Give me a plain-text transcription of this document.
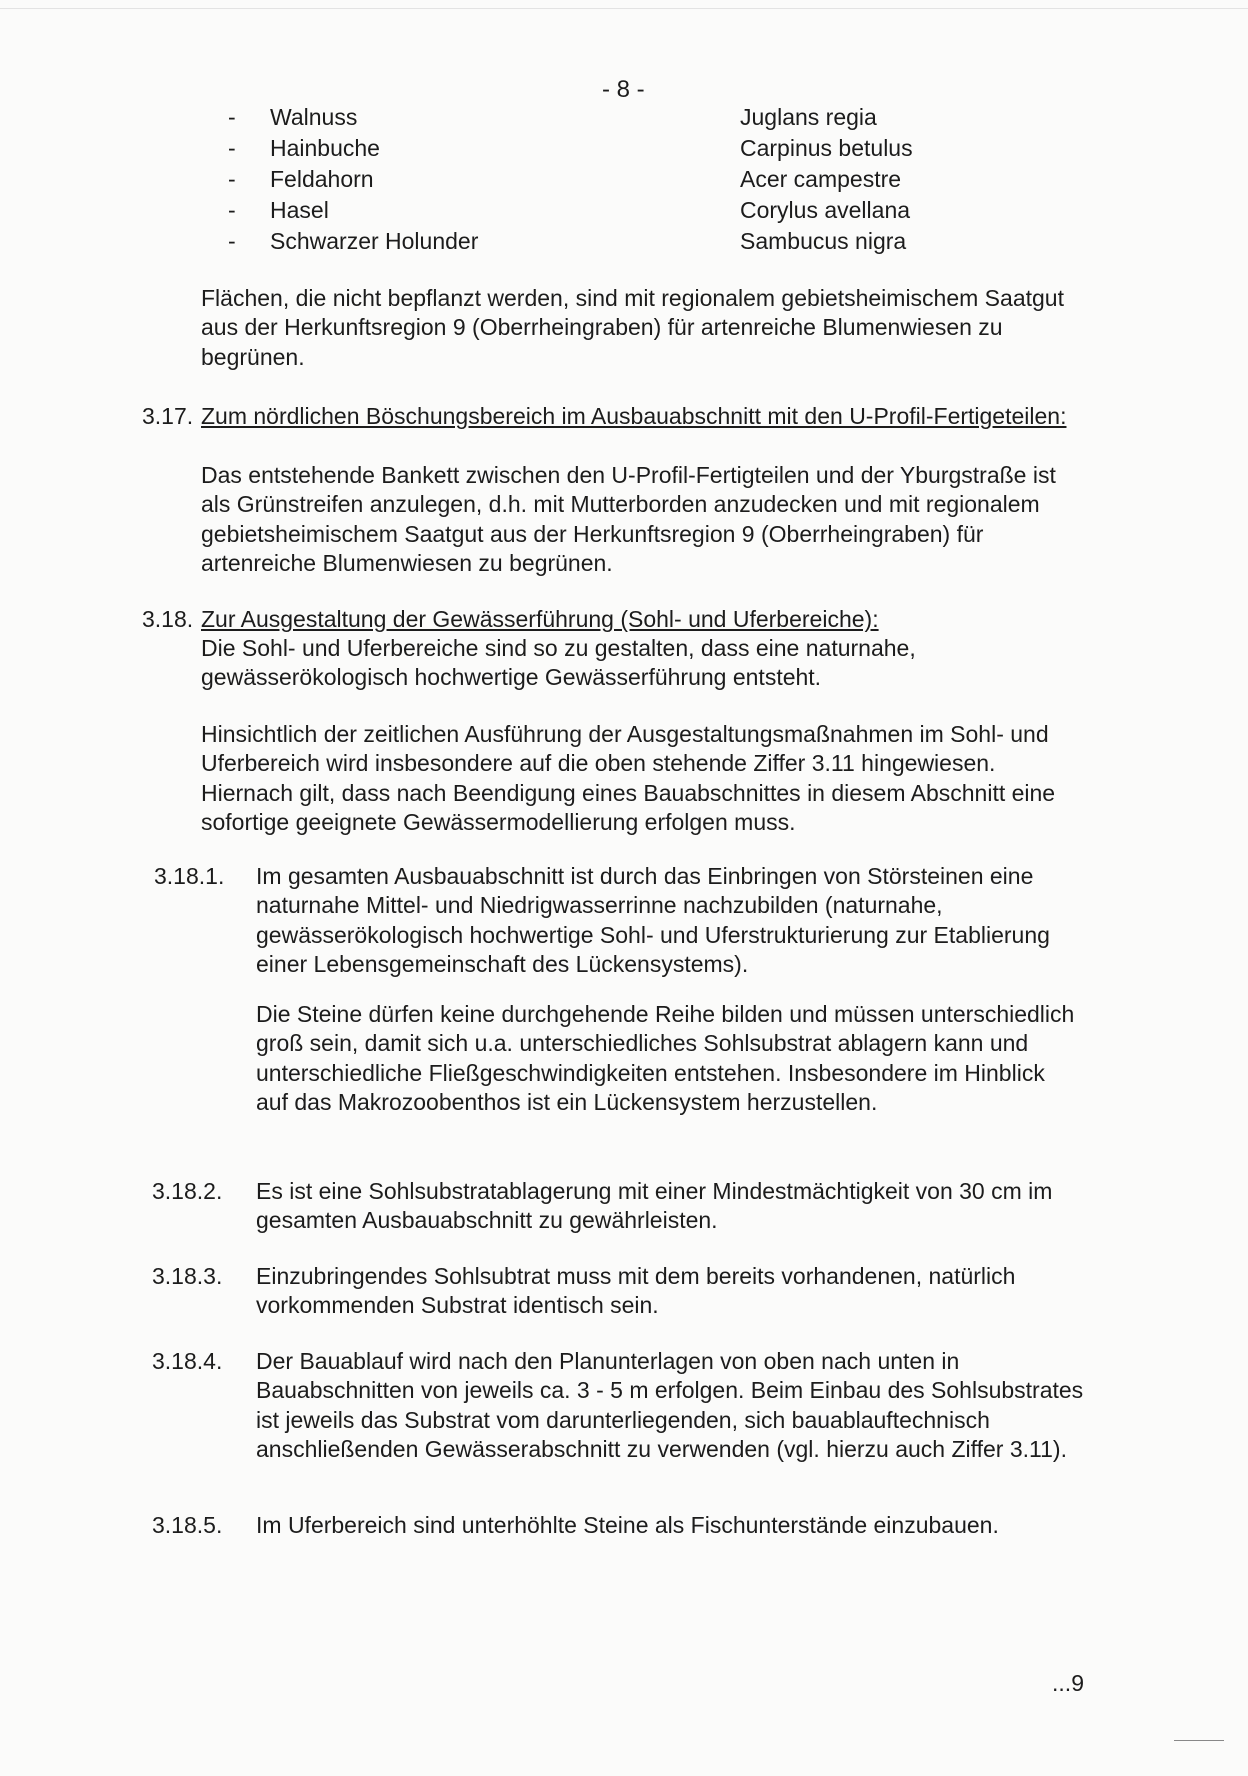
- 8 -
- Walnuss	Juglans regia
- Hainbuche	Carpinus betulus
- Feldahorn	Acer campestre
- Hasel	Corylus avellana
- Schwarzer Holunder	Sambucus nigra

Flächen, die nicht bepflanzt werden, sind mit regionalem gebietsheimischem Saatgut aus der Herkunftsregion 9 (Oberrheingraben) für artenreiche Blumenwiesen zu begrünen.

3.17. Zum nördlichen Böschungsbereich im Ausbauabschnitt mit den U-Profil-Fertigeteilen:

Das entstehende Bankett zwischen den U-Profil-Fertigteilen und der Yburgstraße ist als Grünstreifen anzulegen, d.h. mit Mutterborden anzudecken und mit regionalem gebietsheimischem Saatgut aus der Herkunftsregion 9 (Oberrheingraben) für artenreiche Blumenwiesen zu begrünen.

3.18. Zur Ausgestaltung der Gewässerführung (Sohl- und Uferbereiche):

Die Sohl- und Uferbereiche sind so zu gestalten, dass eine naturnahe, gewässerökologisch hochwertige Gewässerführung entsteht.

Hinsichtlich der zeitlichen Ausführung der Ausgestaltungsmaßnahmen im Sohl- und Uferbereich wird insbesondere auf die oben stehende Ziffer 3.11 hingewiesen. Hiernach gilt, dass nach Beendigung eines Bauabschnittes in diesem Abschnitt eine sofortige geeignete Gewässermodellierung erfolgen muss.

3.18.1. Im gesamten Ausbauabschnitt ist durch das Einbringen von Störsteinen eine naturnahe Mittel- und Niedrigwasserrinne nachzubilden (naturnahe, gewässerökologisch hochwertige Sohl- und Uferstrukturierung zur Etablierung einer Lebensgemeinschaft des Lückensystems).

Die Steine dürfen keine durchgehende Reihe bilden und müssen unterschiedlich groß sein, damit sich u.a. unterschiedliches Sohlsubstrat ablagern kann und unterschiedliche Fließgeschwindigkeiten entstehen. Insbesondere im Hinblick auf das Makrozoobenthos ist ein Lückensystem herzustellen.

3.18.2. Es ist eine Sohlsubstratablagerung mit einer Mindestmächtigkeit von 30 cm im gesamten Ausbauabschnitt zu gewährleisten.

3.18.3. Einzubringendes Sohlsubtrat muss mit dem bereits vorhandenen, natürlich vorkommenden Substrat identisch sein.

3.18.4. Der Bauablauf wird nach den Planunterlagen von oben nach unten in Bauabschnitten von jeweils ca. 3 - 5 m erfolgen. Beim Einbau des Sohlsubstrates ist jeweils das Substrat vom darunterliegenden, sich bauablauftechnisch anschließenden Gewässerabschnitt zu verwenden (vgl. hierzu auch Ziffer 3.11).

3.18.5. Im Uferbereich sind unterhöhlte Steine als Fischunterstände einzubauen.

...9
